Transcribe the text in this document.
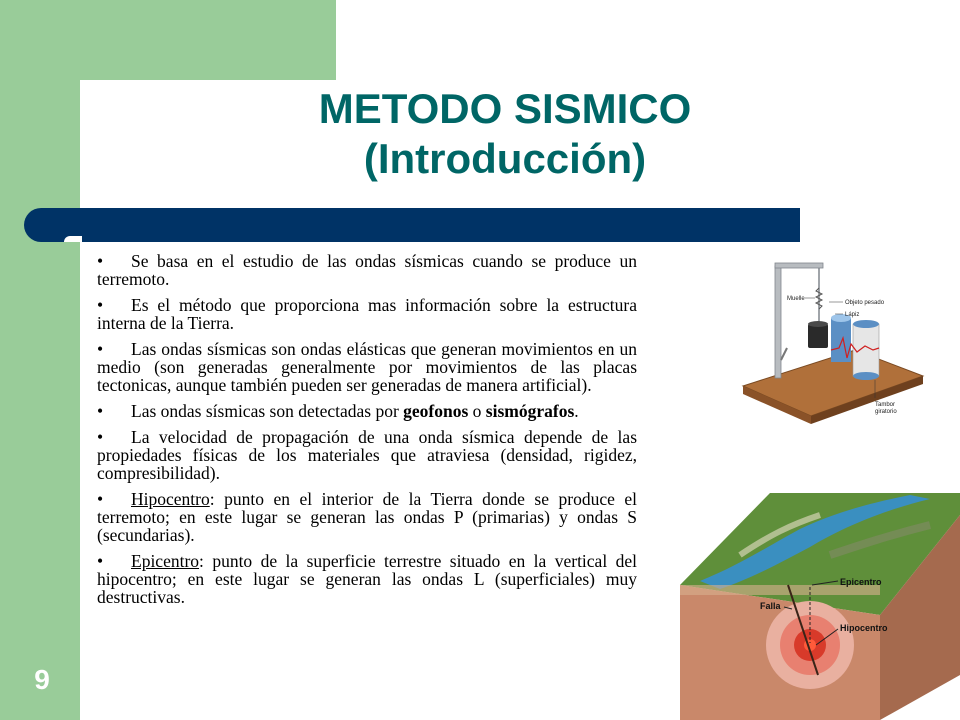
METODO SISMICO
(Introducción)
9
• Se basa en el estudio de las ondas sísmicas cuando se produce un terremoto.
• Es el método que proporciona mas información sobre la estructura interna de la Tierra.
• Las ondas sísmicas son ondas elásticas que generan movimientos en un medio (son generadas generalmente por movimientos de las placas tectonicas, aunque también pueden ser generadas de manera artificial).
• Las ondas sísmicas son detectadas por geofonos o sismógrafos.
• La velocidad de propagación de una onda sísmica depende de las propiedades físicas de los materiales que atraviesa (densidad, rigidez, compresibilidad).
• Hipocentro: punto en el interior de la Tierra donde se produce el terremoto; en este lugar se generan las ondas P (primarias) y ondas S (secundarias).
• Epicentro: punto de la superficie terrestre situado en la vertical del hipocentro; en este lugar se generan las ondas L (superficiales) muy destructivas.
Muelle
Objeto pesado
Lápiz
Tambor
giratorio
Epicentro
Falla
Hipocentro
